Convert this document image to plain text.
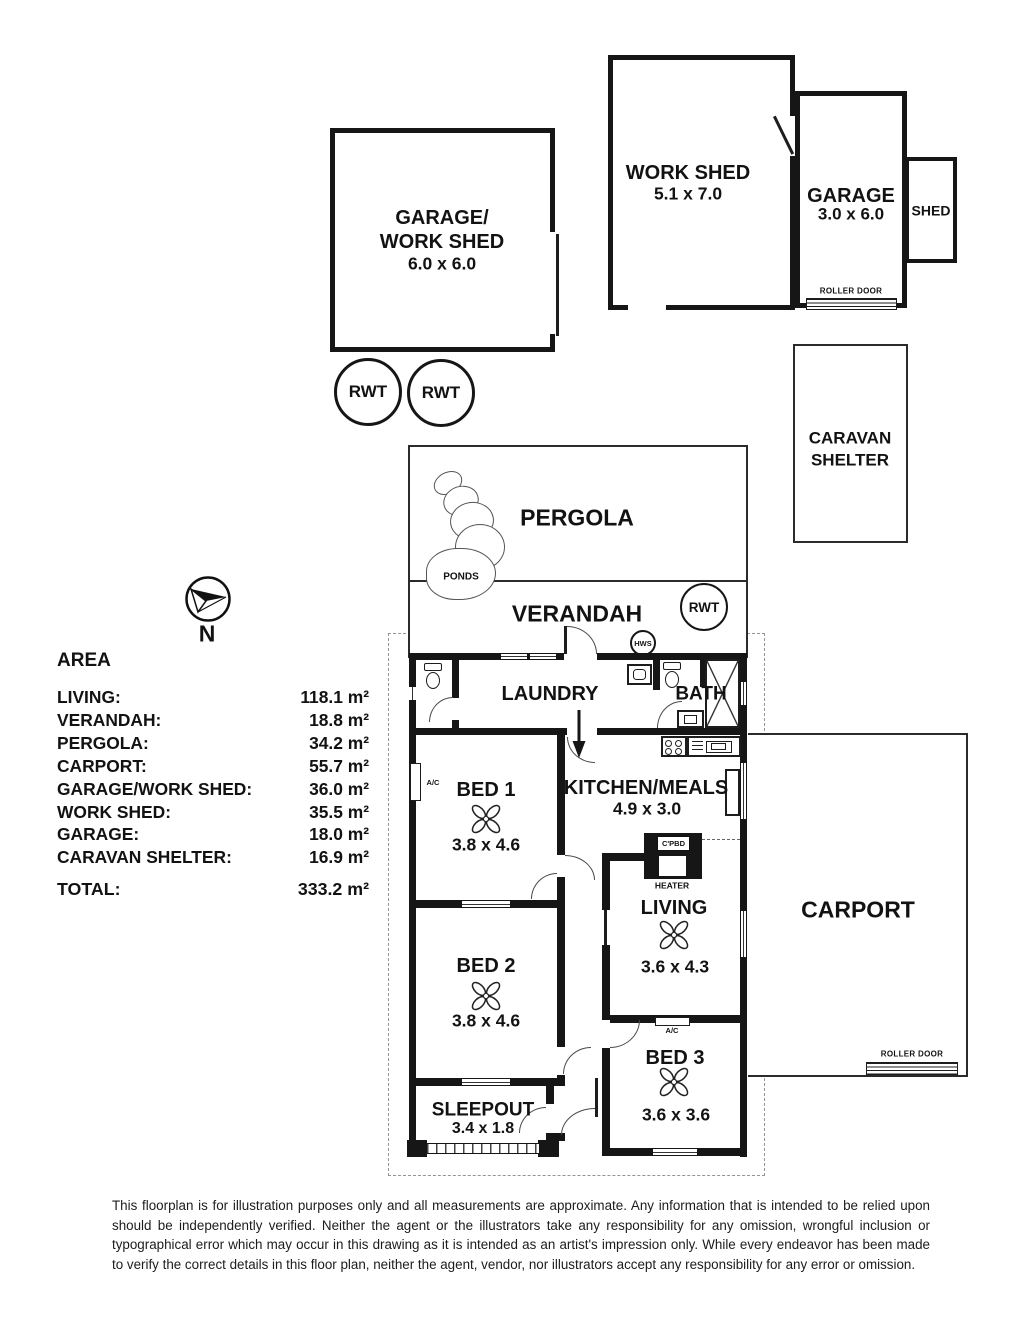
PERGOLA
VERANDAH
PONDS
RWT
HWS
CARPORT
ROLLER DOOR
GARAGE/
WORK SHED
6.0 x 6.0
RWT RWT
WORK SHED
5.1 x 7.0	GARAGE
3.0 x 6.0
ROLLER DOOR
SHED
CARAVAN
SHELTER
C'PBD
HEATER
A/C
A/C
LAUNDRY	BATH
KITCHEN/MEALS
4.9 x 3.0
BED 1
3.8 x 4.6
BED 2
3.8 x 4.6
LIVING
3.6 x 4.3
BED 3
3.6 x 3.6
SLEEPOUT
3.4 x 1.8
N
AREA
LIVING:	118.1 m²
VERANDAH:	18.8 m²
PERGOLA:	34.2 m²
CARPORT:	55.7 m²
GARAGE/WORK SHED:	36.0 m²
WORK SHED:	35.5 m²
GARAGE:	18.0 m²
CARAVAN SHELTER:	16.9 m²
TOTAL:	333.2 m²
This floorplan is for illustration purposes only and all measurements are approximate. Any information that is intended to be relied upon should be independently verified. Neither the agent or the illustrators take any responsibility for any omission, wrongful inclusion or typographical error which may occur in this drawing as it is intended as an artist's impression only. While every endeavor has been made to verify the correct details in this floor plan, neither the agent, vendor, nor illustrators accept any responsibility for any error or omission.
